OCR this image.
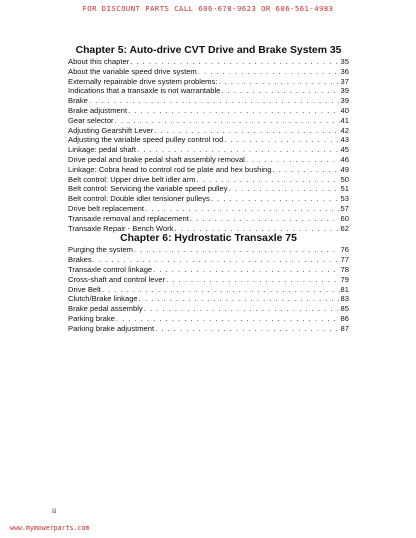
FOR DISCOUNT PARTS CALL 606-678-9623 OR 606-561-4983
Chapter 5: Auto-drive CVT Drive and Brake System 35
About this chapter . . .	35
About the variable speed drive system . . .	36
Externally repairable drive system problems: . . .	37
Indications that a transaxle is not warrantable . . .	39
Brake . . .	39
Brake adjustment . . .	40
Gear selector . . .	41
Adjusting Gearshift Lever . . .	42
Adjusting the variable speed pulley control rod . . .	43
Linkage: pedal shaft . . .	45
Drive pedal and brake pedal shaft assembly removal . . .	46
Linkage: Cobra head to control rod tie plate and hex bushing . . .	49
Belt control: Upper drive belt idler arm . . .	50
Belt control: Servicing the variable speed pulley . . .	51
Belt control: Double idler tensioner pulleys . . .	53
Drive belt replacement . . .	57
Transaxle removal and replacement . . .	60
Transaxle Repair - Bench Work . . .	62
Chapter 6: Hydrostatic Transaxle 75
Purging the system . . .	76
Brakes . . .	77
Transaxle control linkage . . .	78
Cross-shaft and control lever . . .	79
Drive Belt . . .	81
Clutch/Brake linkage . . .	83
Brake pedal assembly . . .	85
Parking brake . . .	86
Parking brake adjustment . . .	87
ii
www.mymowerparts.com
